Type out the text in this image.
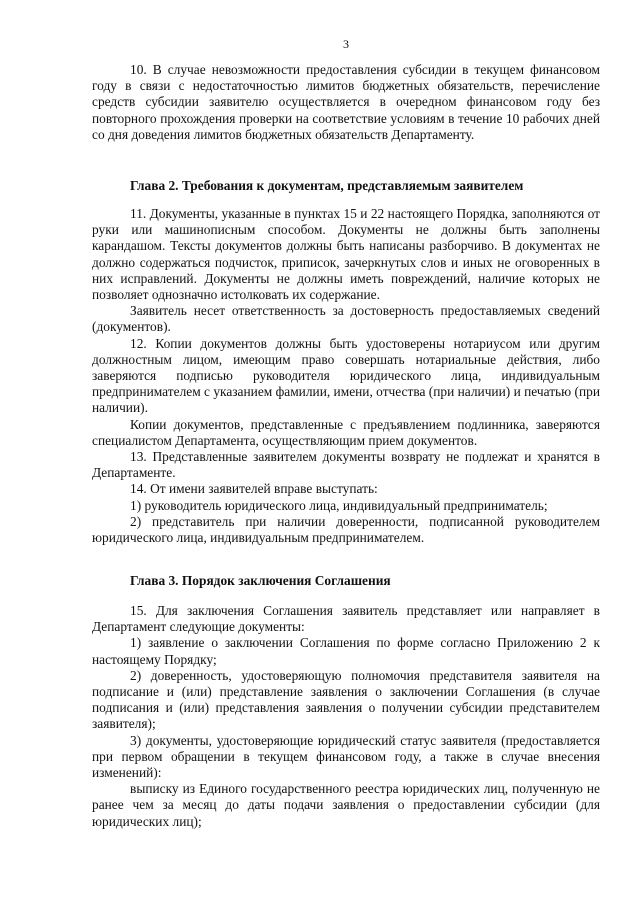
3

10. В случае невозможности предоставления субсидии в текущем финансовом году в связи с недостаточностью лимитов бюджетных обязательств, перечисление средств субсидии заявителю осуществляется в очередном финансовом году без повторного прохождения проверки на соответствие условиям в течение 10 рабочих дней со дня доведения лимитов бюджетных обязательств Департаменту.

Глава 2. Требования к документам, представляемым заявителем

11. Документы, указанные в пунктах 15 и 22 настоящего Порядка, заполняются от руки или машинописным способом. Документы не должны быть заполнены карандашом. Тексты документов должны быть написаны разборчиво. В документах не должно содержаться подчисток, приписок, зачеркнутых слов и иных не оговоренных в них исправлений. Документы не должны иметь повреждений, наличие которых не позволяет однозначно истолковать их содержание.

Заявитель несет ответственность за достоверность предоставляемых сведений (документов).

12. Копии документов должны быть удостоверены нотариусом или другим должностным лицом, имеющим право совершать нотариальные действия, либо заверяются подписью руководителя юридического лица, индивидуальным предпринимателем с указанием фамилии, имени, отчества (при наличии) и печатью (при наличии).

Копии документов, представленные с предъявлением подлинника, заверяются специалистом Департамента, осуществляющим прием документов.

13. Представленные заявителем документы возврату не подлежат и хранятся в Департаменте.

14. От имени заявителей вправе выступать:

1) руководитель юридического лица, индивидуальный предприниматель;

2) представитель при наличии доверенности, подписанной руководителем юридического лица, индивидуальным предпринимателем.

Глава 3. Порядок заключения Соглашения

15. Для заключения Соглашения заявитель представляет или направляет в Департамент следующие документы:

1) заявление о заключении Соглашения по форме согласно Приложению 2 к настоящему Порядку;

2) доверенность, удостоверяющую полномочия представителя заявителя на подписание и (или) представление заявления о заключении Соглашения (в случае подписания и (или) представления заявления о получении субсидии представителем заявителя);

3) документы, удостоверяющие юридический статус заявителя (предоставляется при первом обращении в текущем финансовом году, а также в случае внесения изменений):

выписку из Единого государственного реестра юридических лиц, полученную не ранее чем за месяц до даты подачи заявления о предоставлении субсидии (для юридических лиц);
